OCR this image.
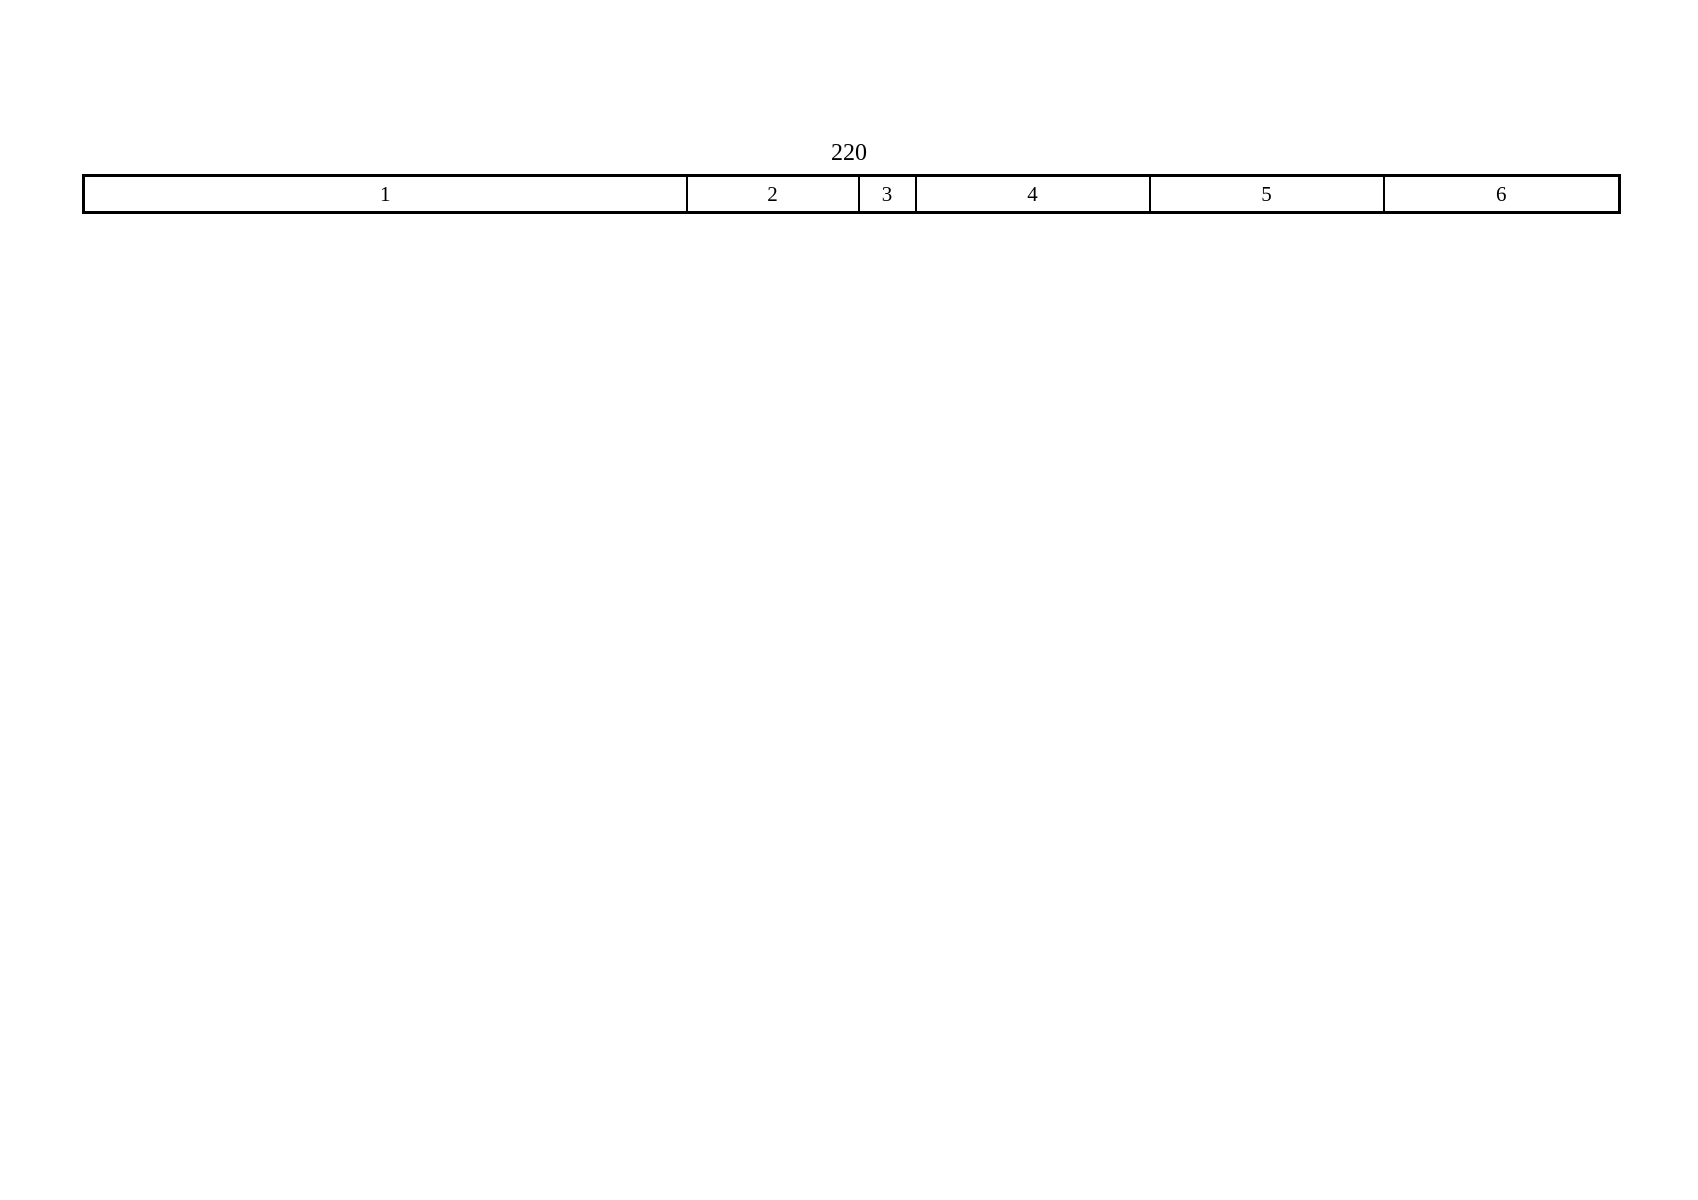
220
1	2	3	4	5	6
